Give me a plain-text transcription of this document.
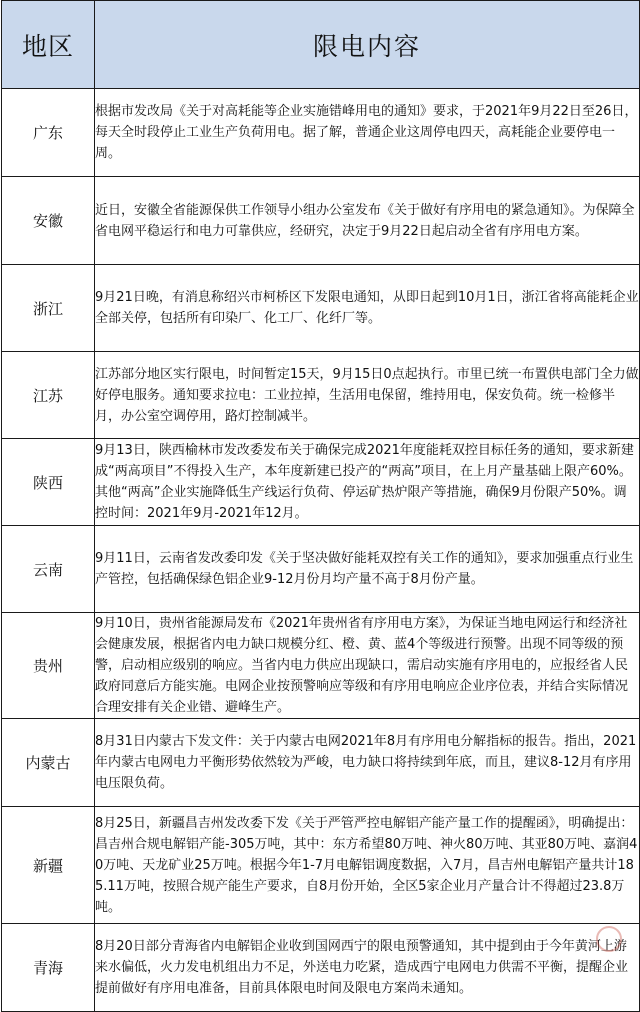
地区	限电内容
广东	根据市发改局《关于对高耗能等企业实施错峰用电的通知》要求，于2021年9月22日至26日，每天全时段停止工业生产负荷用电。据了解，普通企业这周停电四天，高耗能企业要停电一周。
安徽	近日，安徽全省能源保供工作领导小组办公室发布《关于做好有序用电的紧急通知》。为保障全省电网平稳运行和电力可靠供应，经研究，决定于9月22日起启动全省有序用电方案。
浙江	9月21日晚，有消息称绍兴市柯桥区下发限电通知，从即日起到10月1日，浙江省将高能耗企业全部关停，包括所有印染厂、化工厂、化纤厂等。
江苏	江苏部分地区实行限电，时间暂定15天，9月15日0点起执行。市里已统一布置供电部门全力做好停电服务。通知要求拉电：工业拉掉，生活用电保留，维持用电，保安负荷。统一检修半月，办公室空调停用，路灯控制减半。
陕西	9月13日，陕西榆林市发改委发布关于确保完成2021年度能耗双控目标任务的通知，要求新建成“两高项目”不得投入生产，本年度新建已投产的“两高”项目，在上月产量基础上限产60%。其他“两高”企业实施降低生产线运行负荷、停运矿热炉限产等措施，确保9月份限产50%。调控时间：2021年9月-2021年12月。
云南	9月11日，云南省发改委印发《关于坚决做好能耗双控有关工作的通知》，要求加强重点行业生产管控，包括确保绿色铝企业9-12月份月均产量不高于8月份产量。
贵州	9月10日，贵州省能源局发布《2021年贵州省有序用电方案》，为保证当地电网运行和经济社会健康发展，根据省内电力缺口规模分红、橙、黄、蓝4个等级进行预警。出现不同等级的预警，启动相应级别的响应。当省内电力供应出现缺口，需启动实施有序用电的，应报经省人民政府同意后方能实施。电网企业按预警响应等级和有序用电响应企业序位表，并结合实际情况合理安排有关企业错、避峰生产。
内蒙古	8月31日内蒙古下发文件：关于内蒙古电网2021年8月有序用电分解指标的报告。指出，2021年内蒙古电网电力平衡形势依然较为严峻，电力缺口将持续到年底，而且，建议8-12月有序用电压限负荷。
新疆	8月25日，新疆昌吉州发改委下发《关于严管严控电解铝产能产量工作的提醒函》，明确提出：昌吉州合规电解铝产能-305万吨，其中：东方希望80万吨、神火80万吨、其亚80万吨、嘉润40万吨、天龙矿业25万吨。根据今年1-7月电解铝调度数据，入7月，昌吉州电解铝产量共计185.11万吨，按照合规产能生产要求，自8月份开始，全区5家企业月产量合计不得超过23.8万吨。
青海	8月20日部分青海省内电解铝企业收到国网西宁的限电预警通知，其中提到由于今年黄河上游来水偏低，火力发电机组出力不足，外送电力吃紧，造成西宁电网电力供需不平衡，提醒企业提前做好有序用电准备，目前具体限电时间及限电方案尚未通知。
